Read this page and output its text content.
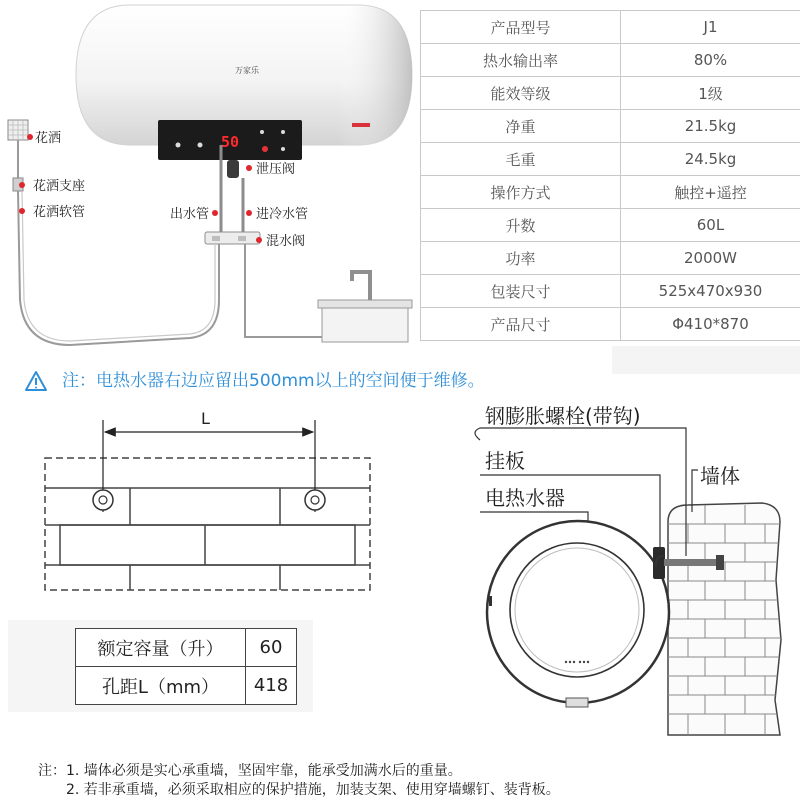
万家乐
50
花洒
花洒支座
花洒软管
泄压阀
出水管	进冷水管
混水阀
L	钢膨胀螺栓(带钩)
挂板
电热水器
墙体
产品型号	J1
热水输出率	80%
能效等级	1级
净重	21.5kg
毛重	24.5kg
操作方式	触控+遥控
升数	60L
功率	2000W
包装尺寸	525x470x930
产品尺寸	Φ410*870
注：电热水器右边应留出500mm以上的空间便于维修。
额定容量（升）	60
孔距L（mm）	418
注：1. 墙体必须是实心承重墙，坚固牢靠，能承受加满水后的重量。
2. 若非承重墙，必须采取相应的保护措施，加装支架、使用穿墙螺钉、装背板。
